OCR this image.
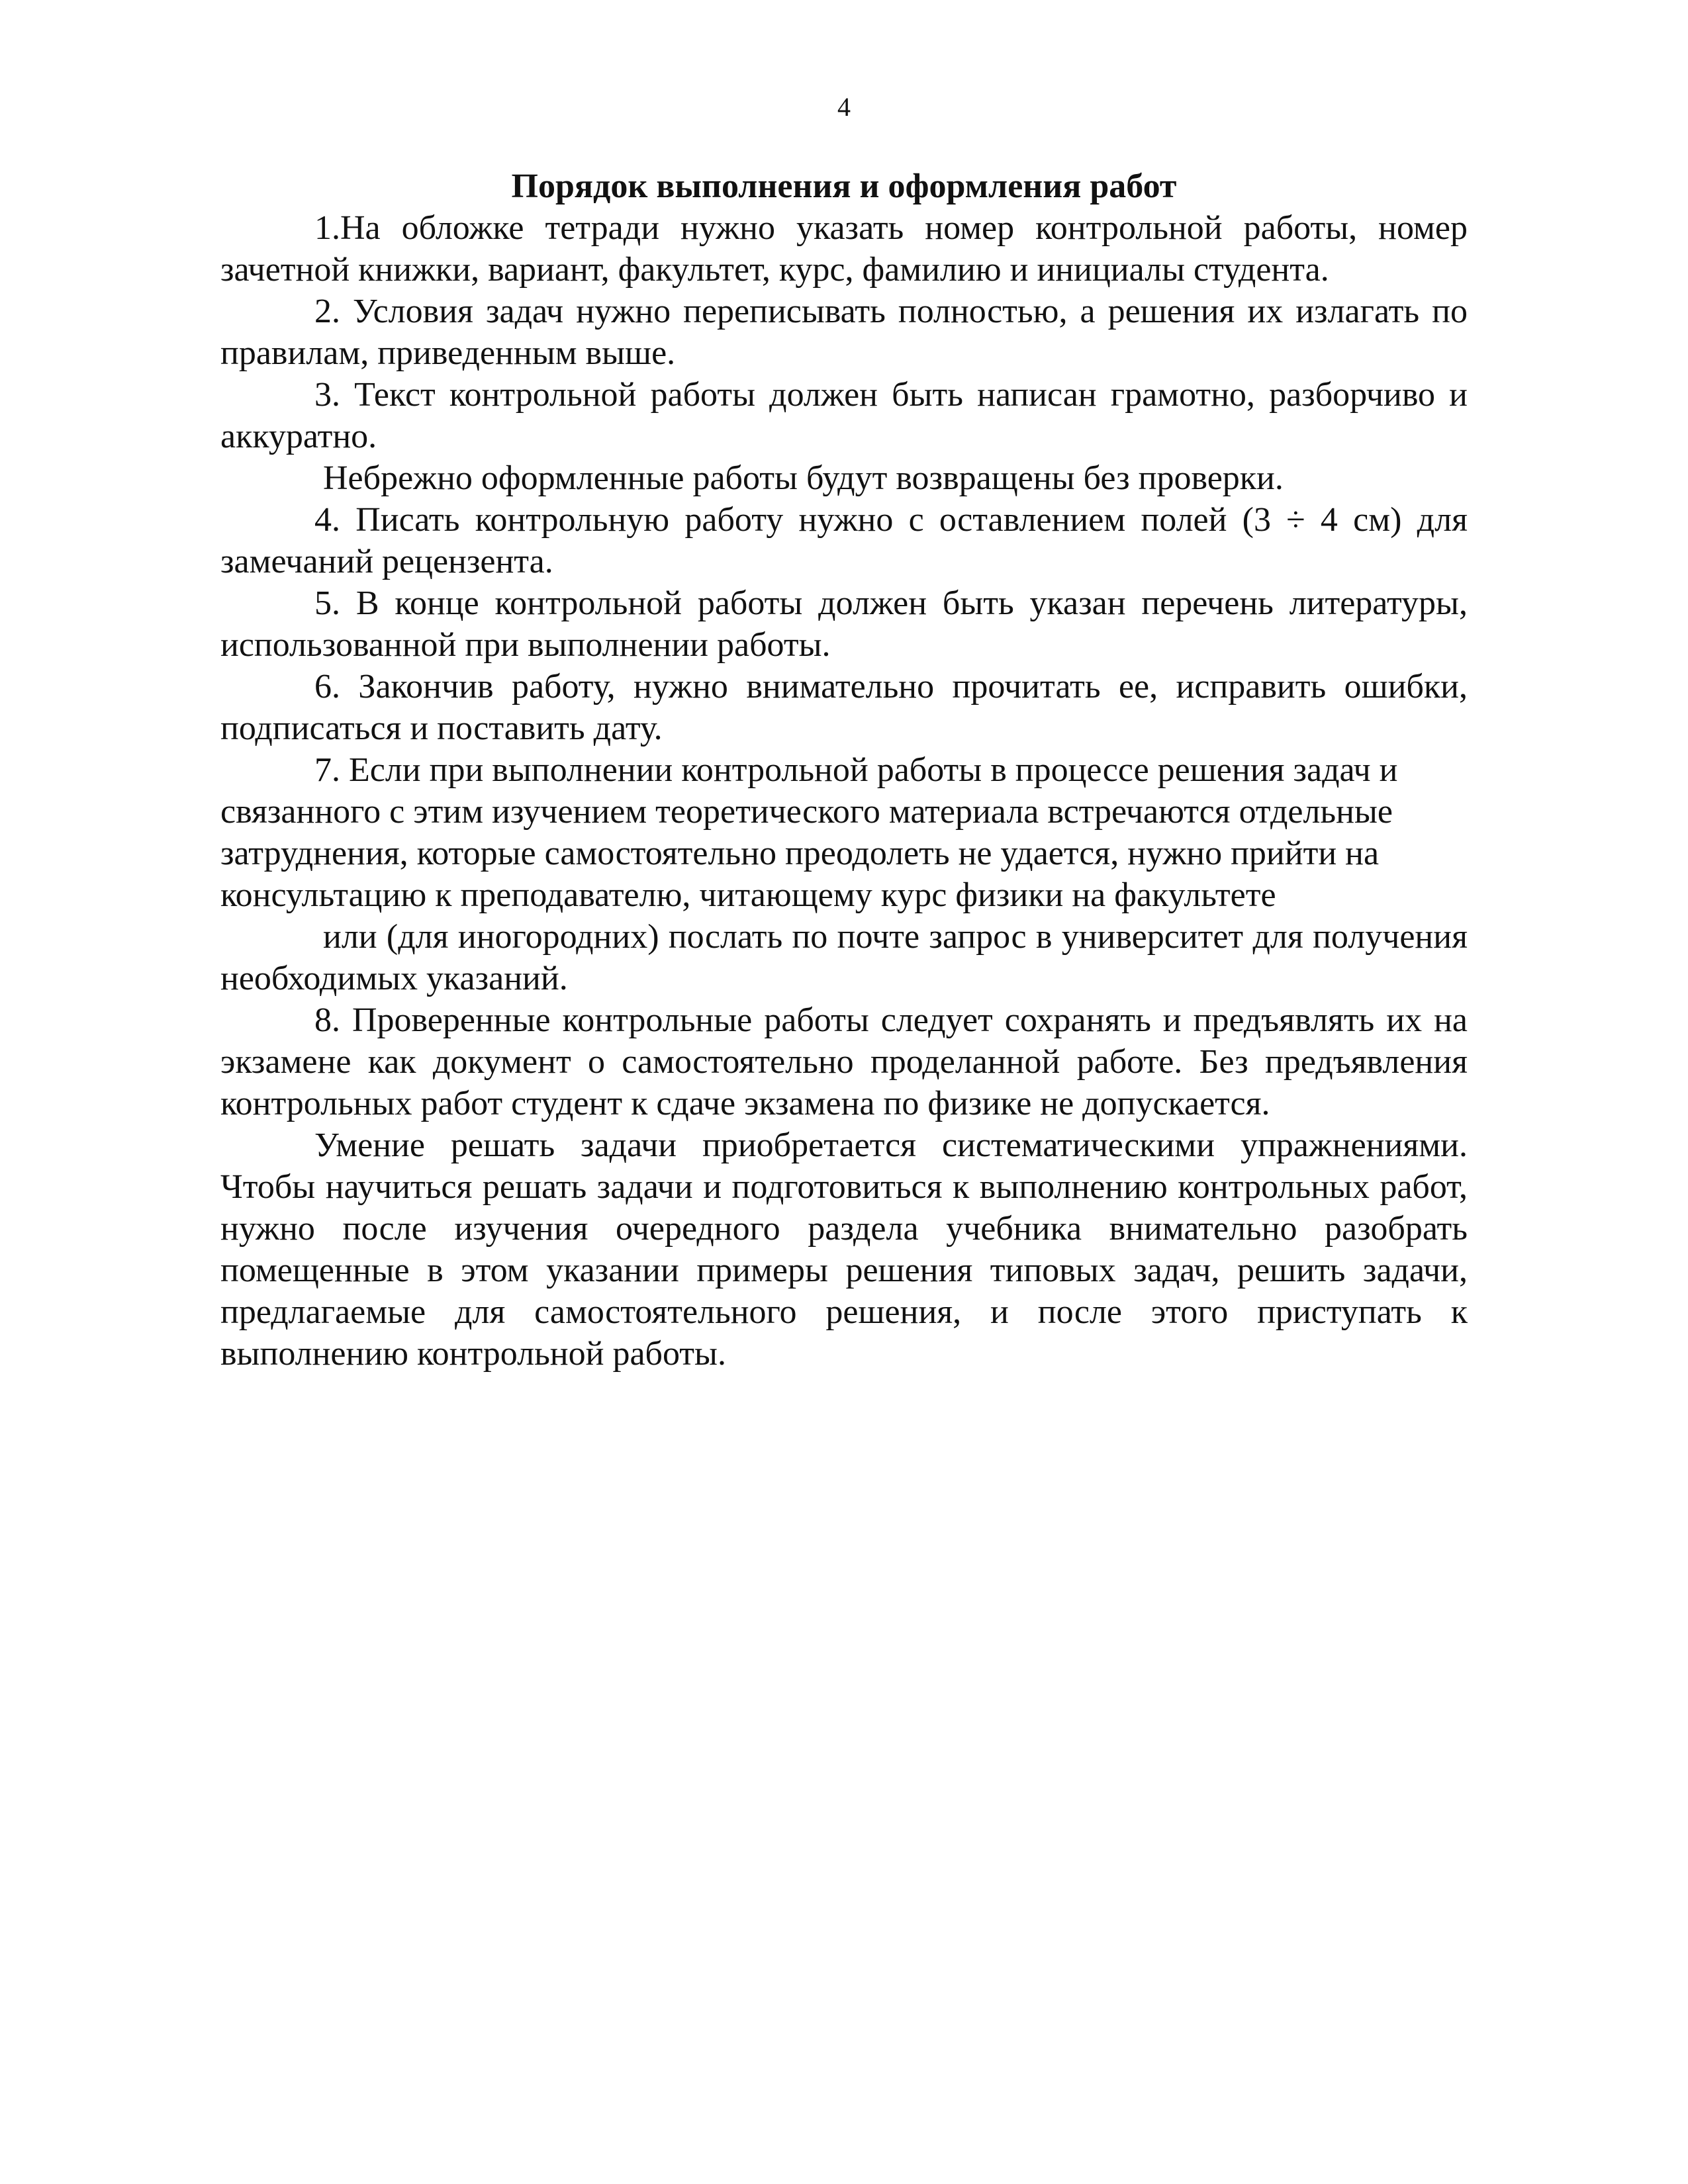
4

Порядок выполнения и оформления работ

1.На обложке тетради нужно указать номер контрольной работы, номер зачетной книжки, вариант, факультет, курс, фамилию и инициалы студента.

2. Условия задач нужно переписывать полностью, а решения их излагать по правилам, приведенным выше.

3. Текст контрольной работы должен быть написан грамотно, разборчиво и аккуратно.

Небрежно оформленные работы будут возвращены без проверки.

4. Писать контрольную работу нужно с оставлением полей (3 ÷ 4 см) для замечаний рецензента.

5. В конце контрольной работы должен быть указан перечень литературы, использованной при выполнении работы.

6. Закончив работу, нужно внимательно прочитать ее, исправить ошибки, подписаться и поставить дату.

7. Если при выполнении контрольной работы в процессе решения задач и связанного с этим изучением теоретического материала встречаются отдельные затруднения, которые самостоятельно преодолеть не удается, нужно прийти на консультацию к преподавателю, читающему курс физики на факультете

или (для иногородних) послать по почте запрос в университет для получения необходимых указаний.

8. Проверенные контрольные работы следует сохранять и предъявлять их на экзамене как документ о самостоятельно проделанной работе. Без предъявления контрольных работ студент к сдаче экзамена по физике не допускается.

Умение решать задачи приобретается систематическими упражнениями. Чтобы научиться решать задачи и подготовиться к выполнению контрольных работ, нужно после изучения очередного раздела учебника внимательно разобрать помещенные в этом указании примеры решения типовых задач, решить задачи, предлагаемые для самостоятельного решения, и после этого приступать к выполнению контрольной работы.
